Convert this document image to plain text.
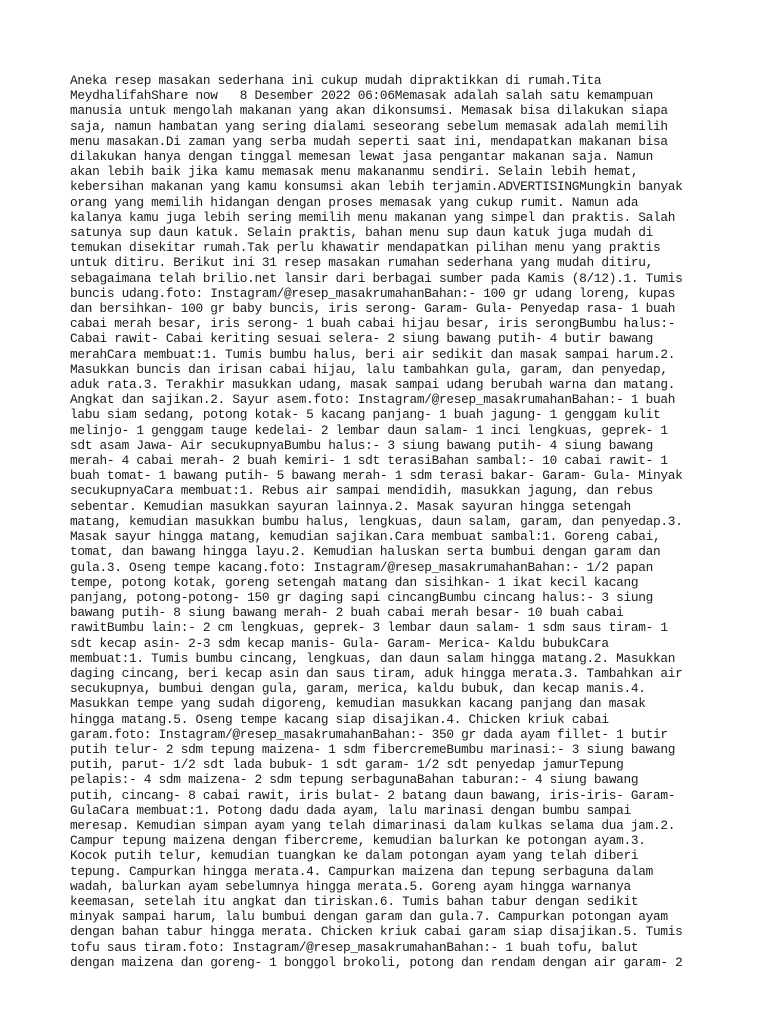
Aneka resep masakan sederhana ini cukup mudah dipraktikkan di rumah.Tita
MeydhalifahShare now   8 Desember 2022 06:06Memasak adalah salah satu kemampuan
manusia untuk mengolah makanan yang akan dikonsumsi. Memasak bisa dilakukan siapa
saja, namun hambatan yang sering dialami seseorang sebelum memasak adalah memilih
menu masakan.Di zaman yang serba mudah seperti saat ini, mendapatkan makanan bisa
dilakukan hanya dengan tinggal memesan lewat jasa pengantar makanan saja. Namun
akan lebih baik jika kamu memasak menu makananmu sendiri. Selain lebih hemat,
kebersihan makanan yang kamu konsumsi akan lebih terjamin.ADVERTISINGMungkin banyak
orang yang memilih hidangan dengan proses memasak yang cukup rumit. Namun ada
kalanya kamu juga lebih sering memilih menu makanan yang simpel dan praktis. Salah
satunya sup daun katuk. Selain praktis, bahan menu sup daun katuk juga mudah di
temukan disekitar rumah.Tak perlu khawatir mendapatkan pilihan menu yang praktis
untuk ditiru. Berikut ini 31 resep masakan rumahan sederhana yang mudah ditiru,
sebagaimana telah brilio.net lansir dari berbagai sumber pada Kamis (8/12).1. Tumis
buncis udang.foto: Instagram/@resep_masakrumahanBahan:- 100 gr udang loreng, kupas
dan bersihkan- 100 gr baby buncis, iris serong- Garam- Gula- Penyedap rasa- 1 buah
cabai merah besar, iris serong- 1 buah cabai hijau besar, iris serongBumbu halus:-
Cabai rawit- Cabai keriting sesuai selera- 2 siung bawang putih- 4 butir bawang
merahCara membuat:1. Tumis bumbu halus, beri air sedikit dan masak sampai harum.2.
Masukkan buncis dan irisan cabai hijau, lalu tambahkan gula, garam, dan penyedap,
aduk rata.3. Terakhir masukkan udang, masak sampai udang berubah warna dan matang.
Angkat dan sajikan.2. Sayur asem.foto: Instagram/@resep_masakrumahanBahan:- 1 buah
labu siam sedang, potong kotak- 5 kacang panjang- 1 buah jagung- 1 genggam kulit
melinjo- 1 genggam tauge kedelai- 2 lembar daun salam- 1 inci lengkuas, geprek- 1
sdt asam Jawa- Air secukupnyaBumbu halus:- 3 siung bawang putih- 4 siung bawang
merah- 4 cabai merah- 2 buah kemiri- 1 sdt terasiBahan sambal:- 10 cabai rawit- 1
buah tomat- 1 bawang putih- 5 bawang merah- 1 sdm terasi bakar- Garam- Gula- Minyak
secukupnyaCara membuat:1. Rebus air sampai mendidih, masukkan jagung, dan rebus
sebentar. Kemudian masukkan sayuran lainnya.2. Masak sayuran hingga setengah
matang, kemudian masukkan bumbu halus, lengkuas, daun salam, garam, dan penyedap.3.
Masak sayur hingga matang, kemudian sajikan.Cara membuat sambal:1. Goreng cabai,
tomat, dan bawang hingga layu.2. Kemudian haluskan serta bumbui dengan garam dan
gula.3. Oseng tempe kacang.foto: Instagram/@resep_masakrumahanBahan:- 1/2 papan
tempe, potong kotak, goreng setengah matang dan sisihkan- 1 ikat kecil kacang
panjang, potong-potong- 150 gr daging sapi cincangBumbu cincang halus:- 3 siung
bawang putih- 8 siung bawang merah- 2 buah cabai merah besar- 10 buah cabai
rawitBumbu lain:- 2 cm lengkuas, geprek- 3 lembar daun salam- 1 sdm saus tiram- 1
sdt kecap asin- 2-3 sdm kecap manis- Gula- Garam- Merica- Kaldu bubukCara
membuat:1. Tumis bumbu cincang, lengkuas, dan daun salam hingga matang.2. Masukkan
daging cincang, beri kecap asin dan saus tiram, aduk hingga merata.3. Tambahkan air
secukupnya, bumbui dengan gula, garam, merica, kaldu bubuk, dan kecap manis.4.
Masukkan tempe yang sudah digoreng, kemudian masukkan kacang panjang dan masak
hingga matang.5. Oseng tempe kacang siap disajikan.4. Chicken kriuk cabai
garam.foto: Instagram/@resep_masakrumahanBahan:- 350 gr dada ayam fillet- 1 butir
putih telur- 2 sdm tepung maizena- 1 sdm fibercremeBumbu marinasi:- 3 siung bawang
putih, parut- 1/2 sdt lada bubuk- 1 sdt garam- 1/2 sdt penyedap jamurTepung
pelapis:- 4 sdm maizena- 2 sdm tepung serbagunaBahan taburan:- 4 siung bawang
putih, cincang- 8 cabai rawit, iris bulat- 2 batang daun bawang, iris-iris- Garam-
GulaCara membuat:1. Potong dadu dada ayam, lalu marinasi dengan bumbu sampai
meresap. Kemudian simpan ayam yang telah dimarinasi dalam kulkas selama dua jam.2.
Campur tepung maizena dengan fibercreme, kemudian balurkan ke potongan ayam.3.
Kocok putih telur, kemudian tuangkan ke dalam potongan ayam yang telah diberi
tepung. Campurkan hingga merata.4. Campurkan maizena dan tepung serbaguna dalam
wadah, balurkan ayam sebelumnya hingga merata.5. Goreng ayam hingga warnanya
keemasan, setelah itu angkat dan tiriskan.6. Tumis bahan tabur dengan sedikit
minyak sampai harum, lalu bumbui dengan garam dan gula.7. Campurkan potongan ayam
dengan bahan tabur hingga merata. Chicken kriuk cabai garam siap disajikan.5. Tumis
tofu saus tiram.foto: Instagram/@resep_masakrumahanBahan:- 1 buah tofu, balut
dengan maizena dan goreng- 1 bonggol brokoli, potong dan rendam dengan air garam- 2
